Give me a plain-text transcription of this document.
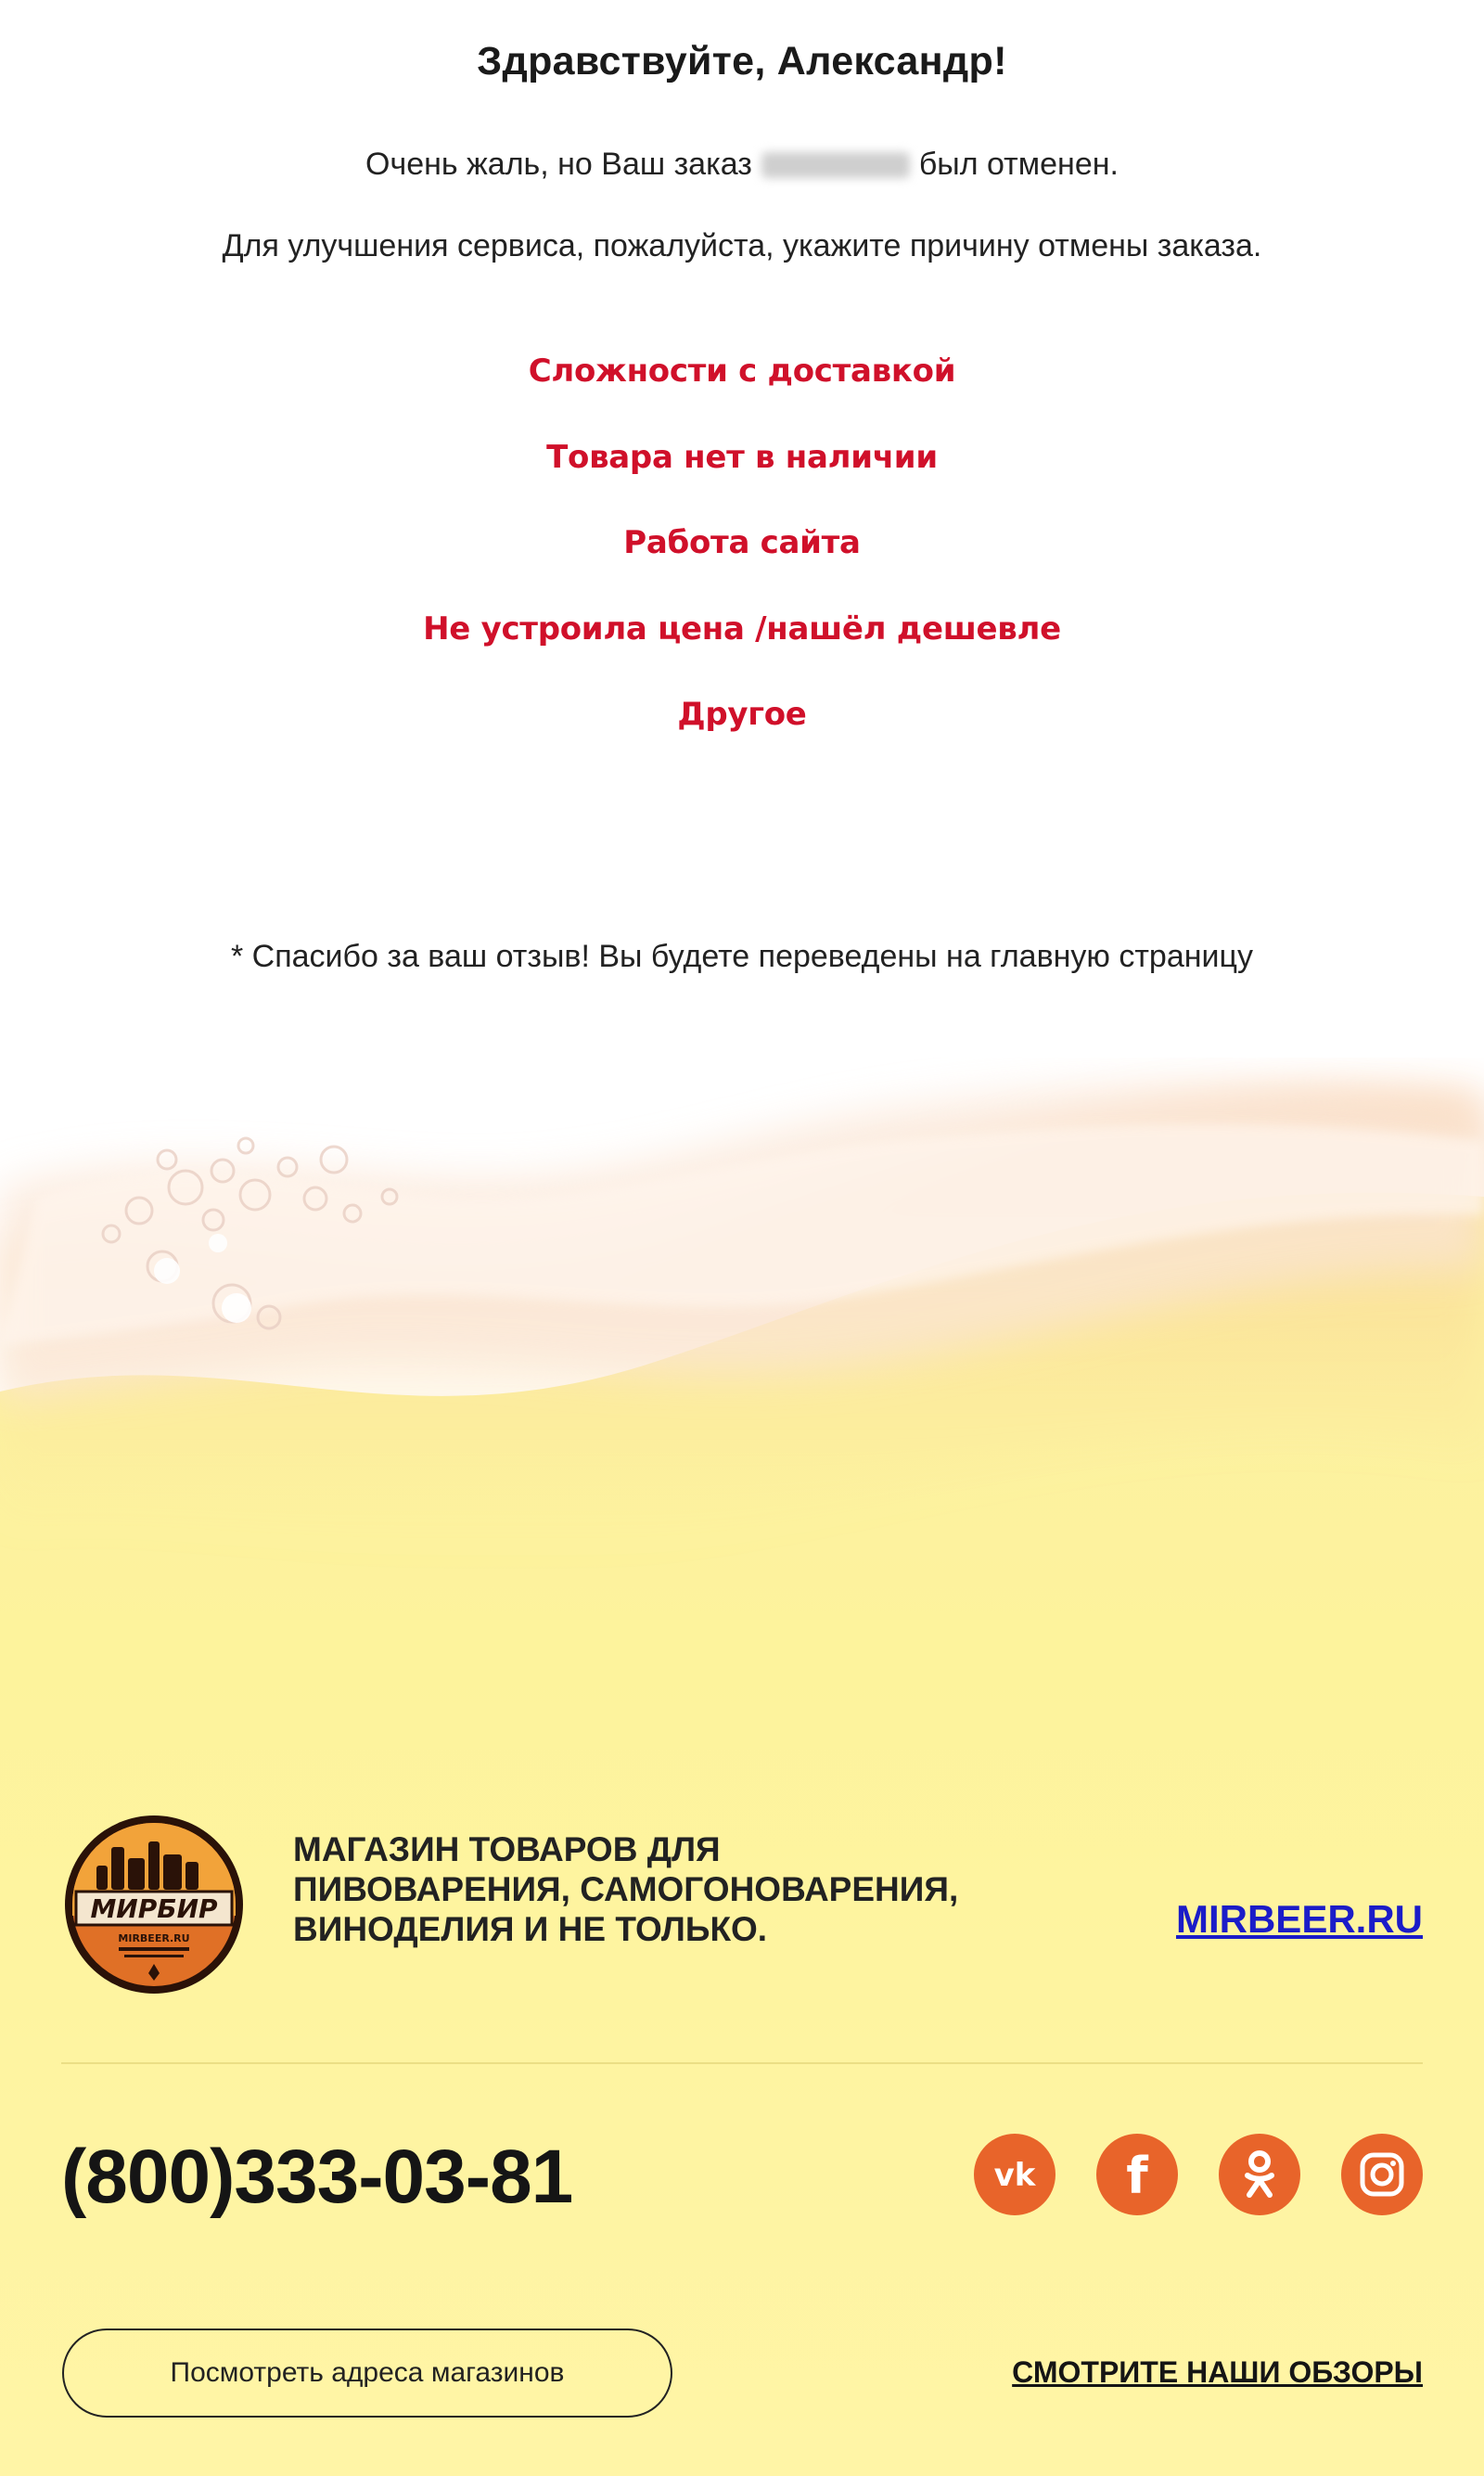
Здравствуйте, Александр!
Очень жаль, но Ваш заказ	был отменен.
Для улучшения сервиса, пожалуйста, укажите причину отмены заказа.
Сложности с доставкой
Товара нет в наличии
Работа сайта
Не устроила цена /нашёл дешевле
Другое
* Спасибо за ваш отзыв! Вы будете переведены на главную страницу
МИРБИР
MIRBEER.RU
МАГАЗИН ТОВАРОВ ДЛЯ ПИВОВАРЕНИЯ, САМОГОНОВАРЕНИЯ, ВИНОДЕЛИЯ И НЕ ТОЛЬКО.	MIRBEER.RU
(800)333-03-81	vk f
Посмотреть адреса магазинов	СМОТРИТЕ НАШИ ОБЗОРЫ
